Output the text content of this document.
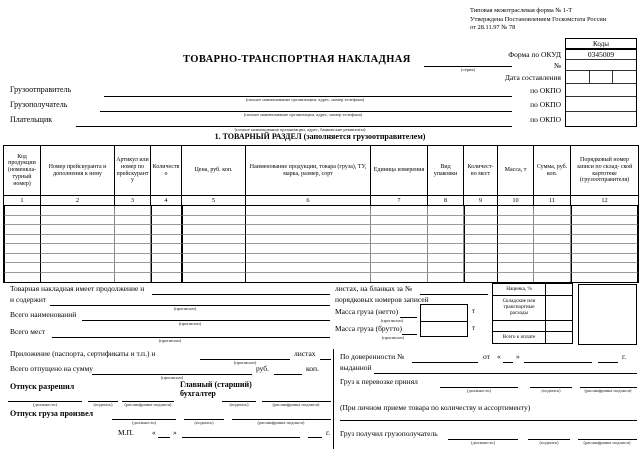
Типовая межотраслевая форма № 1-Т
Утверждена Постановлением Госкомстата России
от 28.11.97 № 78
ТОВАРНО-ТРАНСПОРТНАЯ НАКЛАДНАЯ
(серия)
Коды
Форма по ОКУД	0345009
№
Дата составления
по ОКПО
по ОКПО
по ОКПО
Грузоотправитель
(полное наименование организации, адрес, номер телефона)
Грузополучатель
(полное наименование организации, адрес, номер телефона)
Плательщик
(полное наименование организации, адрес, банковские реквизиты)
1. ТОВАРНЫЙ РАЗДЕЛ (заполняется грузоотправителем)
Код продукции (номенкла- турный номер)
Номер прейскуранта и дополнения к нему
Артикул или номер по прейскуранту
Количество
Цена, руб. коп.
Наименование продукции, товара (груза), ТУ, марка, размер, сорт
Единица измерения
Вид упаковки
Количест- во мест
Масса, т
Сумма, руб. коп.
Порядковый номер записи по склад- ской картотеке (грузоотправителя)
1	2	3	4	5	6	7	8	9	10	11	12
Товарная накладная имеет продолжение н	листах, на бланках за №
и содержит
(прописью)
порядковых номеров записей
Всего наименований
(прописью)
Масса груза (нетто)
(прописью)
Всего мест
(прописью)
Масса груза (брутто)
(прописью)
т
т
Наценка, %
Складские или транспортные расходы
Всего к оплате
Приложение (паспорта, сертификаты и т.п.) н
(прописью)
листах
Всего отпущено на сумму
(прописью)
руб.	коп.
Отпуск разрешил	Главный (старший)
бухгалтер
(должность)	(подпись)	(расшифровка подписи)	(подпись)	(расшифровка подписи)
Отпуск груза произвел
(должность)	(подпись)	(расшифровка подписи)
М.П. « »	г.
По доверенности №	от « »	г.
выданной
Груз к перевозке принял
(должность)	(подпись)	(расшифровка подписи)
(При личном приеме товара по количеству и ассортименту)
Груз получил грузополучатель
(должность)	(подпись)	(расшифровка подписи)
